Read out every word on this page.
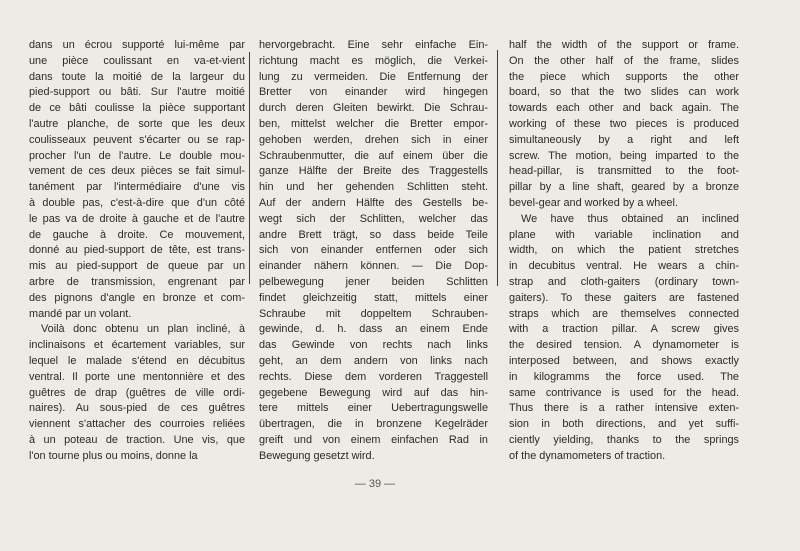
dans un écrou supporté lui-même par
une pièce coulissant en va-et-vient
dans toute la moitié de la largeur du
pied-support ou bâti. Sur l'autre moitié
de ce bâti coulisse la pièce supportant
l'autre planche, de sorte que les deux
coulisseaux peuvent s'écarter ou se rap-
procher l'un de l'autre. Le double mou-
vement de ces deux pièces se fait simul-
tanément par l'intermédiaire d'une vis
à double pas, c'est-à-dire que d'un côté
le pas va de droite à gauche et de l'autre
de gauche à droite. Ce mouvement,
donné au pied-support de tête, est trans-
mis au pied-support de queue par un
arbre de transmission, engrenant par
des pignons d'angle en bronze et com-
mandé par un volant.
Voilà donc obtenu un plan incliné, à
inclinaisons et écartement variables, sur
lequel le malade s'étend en décubitus
ventral. Il porte une mentonnière et des
guêtres de drap (guêtres de ville ordi-
naires). Au sous-pied de ces guêtres
viennent s'attacher des courroies reliées
à un poteau de traction. Une vis, que
l'on tourne plus ou moins, donne la
hervorgebracht. Eine sehr einfache Ein-
richtung macht es möglich, die Verkei-
lung zu vermeiden. Die Entfernung der
Bretter von einander wird hingegen
durch deren Gleiten bewirkt. Die Schrau-
ben, mittelst welcher die Bretter empor-
gehoben werden, drehen sich in einer
Schraubenmutter, die auf einem über die
ganze Hälfte der Breite des Traggestells
hin und her gehenden Schlitten steht.
Auf der andern Hälfte des Gestells be-
wegt sich der Schlitten, welcher das
andre Brett trägt, so dass beide Teile
sich von einander entfernen oder sich
einander nähern können. — Die Dop-
pelbewegung jener beiden Schlitten
findet gleichzeitig statt, mittels einer
Schraube mit doppeltem Schrauben-
gewinde, d. h. dass an einem Ende
das Gewinde von rechts nach links
geht, an dem andern von links nach
rechts. Diese dem vorderen Traggestell
gegebene Bewegung wird auf das hin-
tere mittels einer Uebertragungswelle
übertragen, die in bronzene Kegelräder
greift und von einem einfachen Rad in
Bewegung gesetzt wird.
half the width of the support or frame.
On the other half of the frame, slides
the piece which supports the other
board, so that the two slides can work
towards each other and back again. The
working of these two pieces is produced
simultaneously by a right and left
screw. The motion, being imparted to the
head-pillar, is transmitted to the foot-
pillar by a line shaft, geared by a bronze
bevel-gear and worked by a wheel.
We have thus obtained an inclined
plane with variable inclination and
width, on which the patient stretches
in decubitus ventral. He wears a chin-
strap and cloth-gaiters (ordinary town-
gaiters). To these gaiters are fastened
straps which are themselves connected
with a traction pillar. A screw gives
the desired tension. A dynamometer is
interposed between, and shows exactly
in kilogramms the force used. The
same contrivance is used for the head.
Thus there is a rather intensive exten-
sion in both directions, and yet suffi-
ciently yielding, thanks to the springs
of the dynamometers of traction.
— 39 —
